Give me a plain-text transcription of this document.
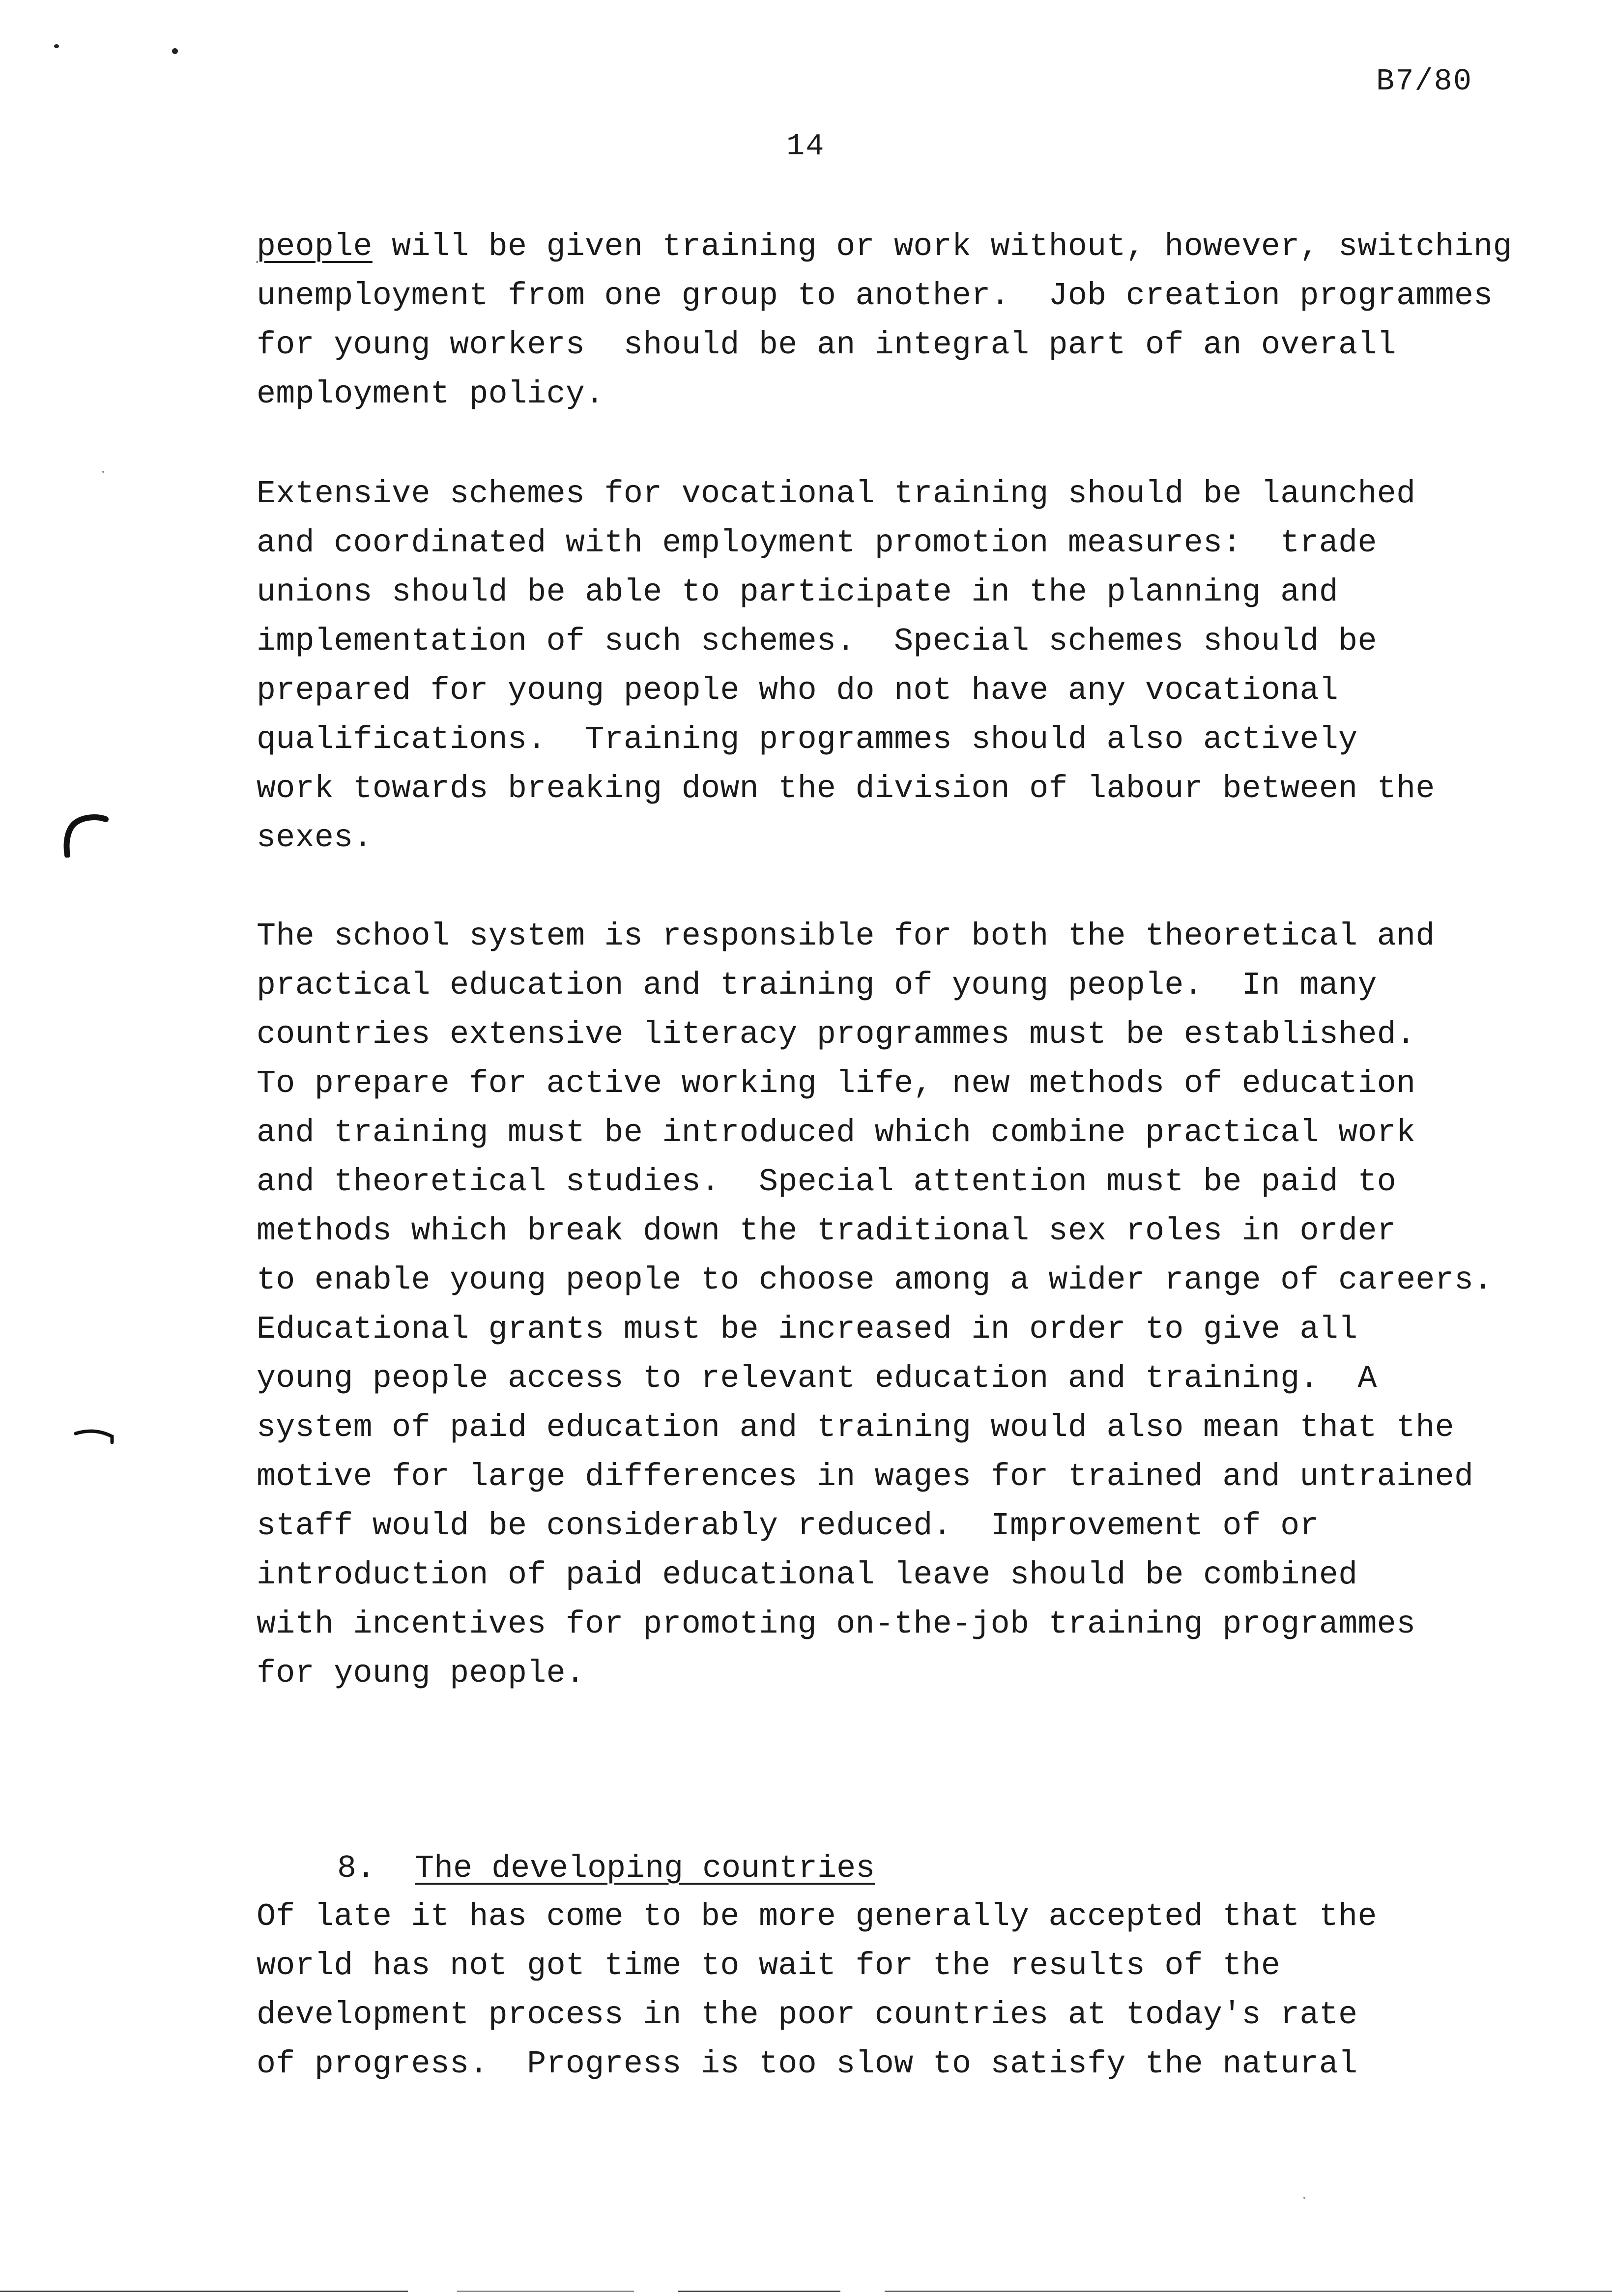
B7/80
14
people will be given training or work without, however, switching
unemployment from one group to another.  Job creation programmes
for young workers  should be an integral part of an overall
employment policy.
Extensive schemes for vocational training should be launched
and coordinated with employment promotion measures:  trade
unions should be able to participate in the planning and
implementation of such schemes.  Special schemes should be
prepared for young people who do not have any vocational
qualifications.  Training programmes should also actively
work towards breaking down the division of labour between the
sexes.
The school system is responsible for both the theoretical and
practical education and training of young people.  In many
countries extensive literacy programmes must be established.
To prepare for active working life, new methods of education
and training must be introduced which combine practical work
and theoretical studies.  Special attention must be paid to
methods which break down the traditional sex roles in order
to enable young people to choose among a wider range of careers.
Educational grants must be increased in order to give all
young people access to relevant education and training.  A
system of paid education and training would also mean that the
motive for large differences in wages for trained and untrained
staff would be considerably reduced.  Improvement of or
introduction of paid educational leave should be combined
with incentives for promoting on-the-job training programmes
for young people.

8. The developing countries

Of late it has come to be more generally accepted that the
world has not got time to wait for the results of the
development process in the poor countries at today's rate
of progress.  Progress is too slow to satisfy the natural
